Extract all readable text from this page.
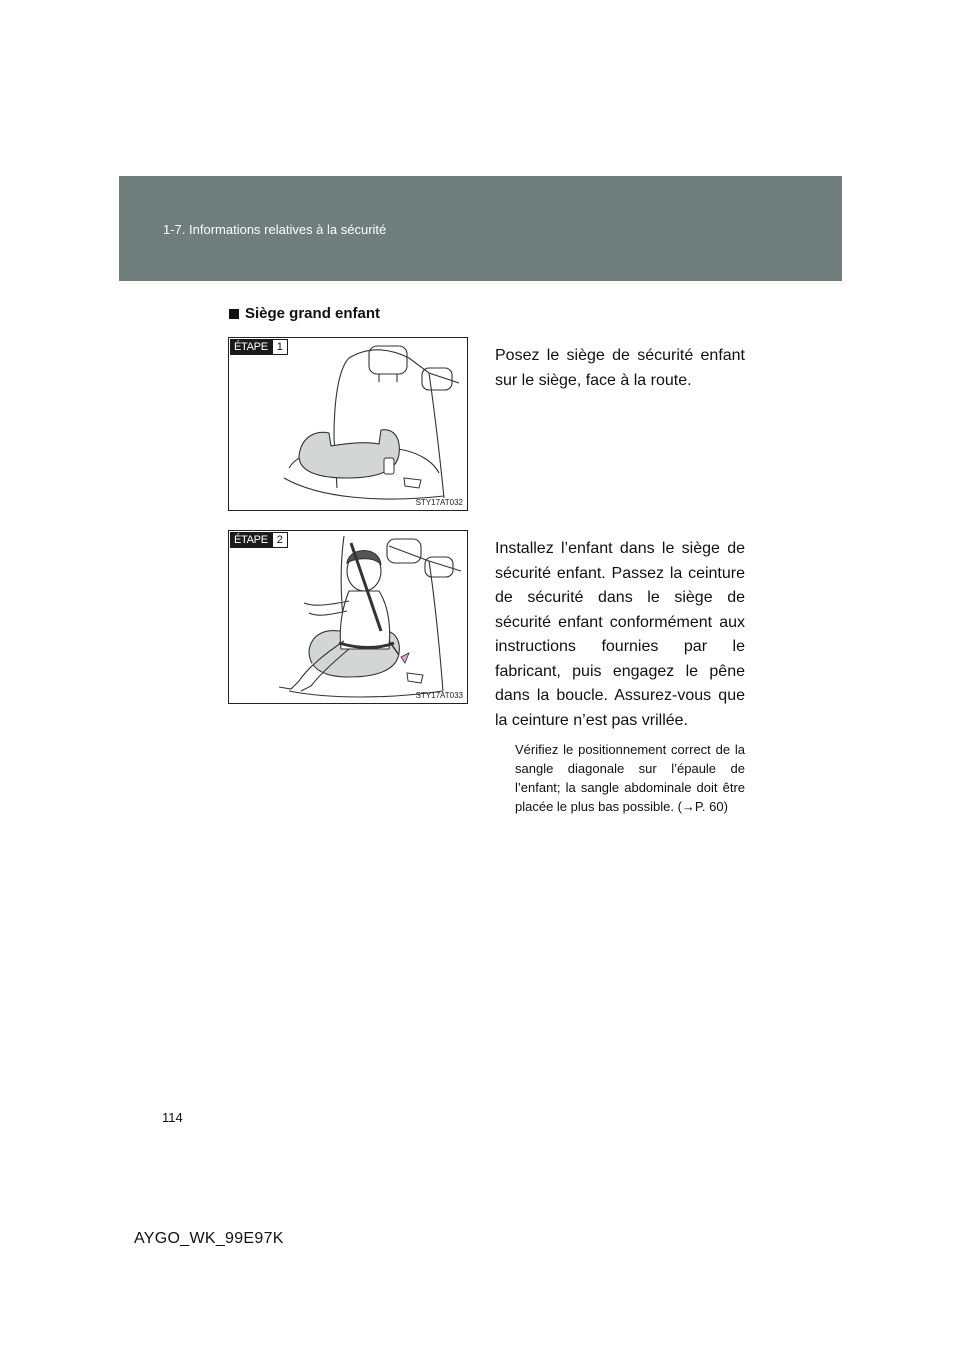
1-7. Informations relatives à la sécurité
Siège grand enfant
ÉTAPE 1
STY17AT032
ÉTAPE 2
STY17AT033
Posez le siège de sécurité enfant sur le siège, face à la route.
Installez l’enfant dans le siège de sécurité enfant. Passez la ceinture de sécurité dans le siège de sécurité enfant conformément aux instructions fournies par le fabricant, puis engagez le pêne dans la boucle. Assurez-vous que la ceinture n’est pas vrillée.
Vérifiez le positionnement correct de la sangle diagonale sur l’épaule de l’enfant; la sangle abdominale doit être placée le plus bas possible. (→P. 60)
114
AYGO_WK_99E97K
